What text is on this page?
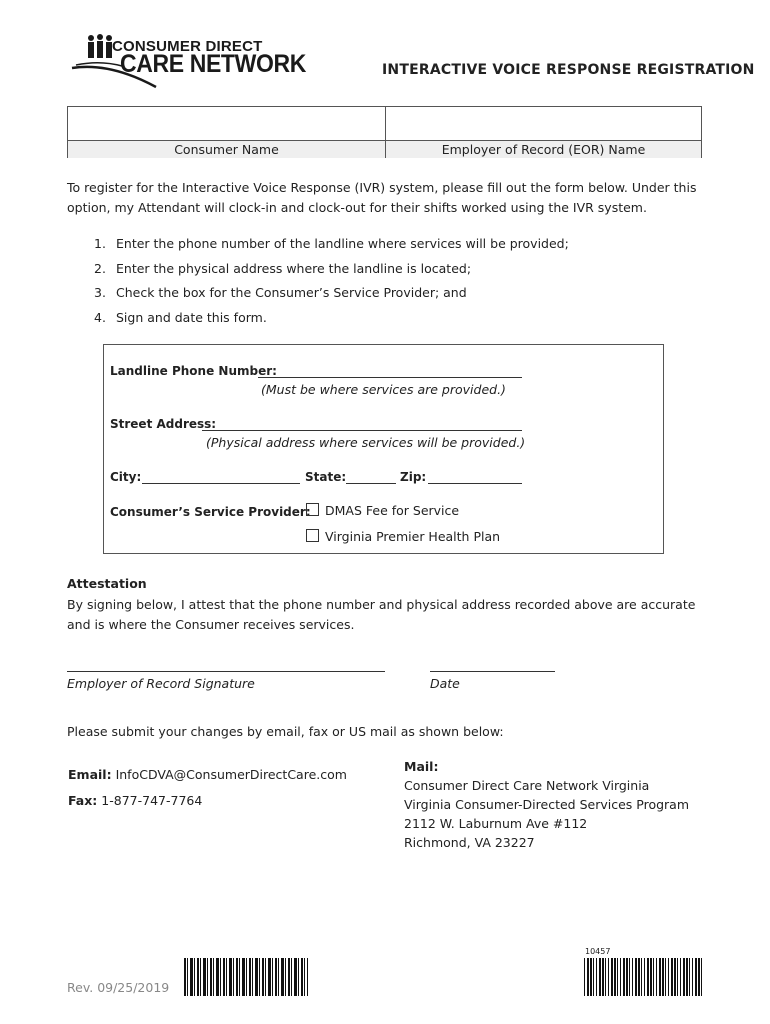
CONSUMER DIRECT
CARE NETWORK	INTERACTIVE VOICE RESPONSE REGISTRATION
Consumer Name	Employer of Record (EOR) Name
To register for the Interactive Voice Response (IVR) system, please fill out the form below. Under this option, my Attendant will clock-in and clock-out for their shifts worked using the IVR system.
1. Enter the phone number of the landline where services will be provided;
2. Enter the physical address where the landline is located;
3. Check the box for the Consumer’s Service Provider; and
4. Sign and date this form.
Landline Phone Number:
(Must be where services are provided.)
Street Address:
(Physical address where services will be provided.)
City:	State:	Zip:
Consumer’s Service Provider:	DMAS Fee for Service
Virginia Premier Health Plan
Attestation
By signing below, I attest that the phone number and physical address recorded above are accurate and is where the Consumer receives services.
Employer of Record Signature	Date
Please submit your changes by email, fax or US mail as shown below:
Email: InfoCDVA@ConsumerDirectCare.com
Fax: 1-877-747-7764
Mail:
Consumer Direct Care Network Virginia
Virginia Consumer-Directed Services Program
2112 W. Laburnum Ave #112
Richmond, VA 23227
Rev. 09/25/2019
10457
